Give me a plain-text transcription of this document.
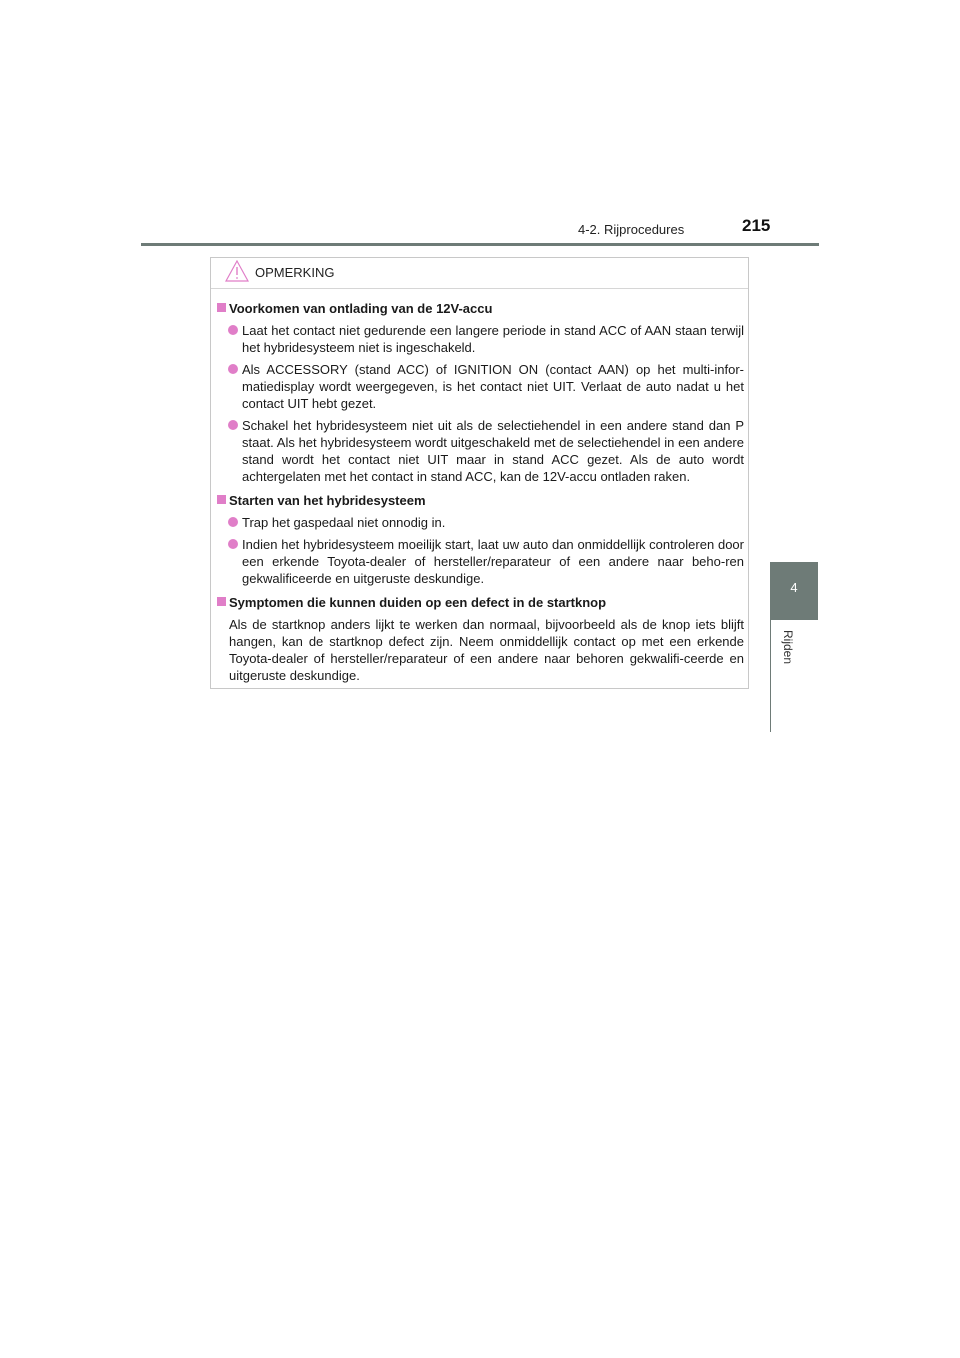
4-2. Rijprocedures	215
4
Rijden
OPMERKING
Voorkomen van ontlading van de 12V-accu
Laat het contact niet gedurende een langere periode in stand ACC of AAN staan terwijl het hybridesysteem niet is ingeschakeld.
Als ACCESSORY (stand ACC) of IGNITION ON (contact AAN) op het multi-infor-matiedisplay wordt weergegeven, is het contact niet UIT. Verlaat de auto nadat u het contact UIT hebt gezet.
Schakel het hybridesysteem niet uit als de selectiehendel in een andere stand dan P staat. Als het hybridesysteem wordt uitgeschakeld met de selectiehendel in een andere stand wordt het contact niet UIT maar in stand ACC gezet. Als de auto wordt achtergelaten met het contact in stand ACC, kan de 12V-accu ontladen raken.
Starten van het hybridesysteem
Trap het gaspedaal niet onnodig in.
Indien het hybridesysteem moeilijk start, laat uw auto dan onmiddellijk controleren door een erkende Toyota-dealer of hersteller/reparateur of een andere naar beho-ren gekwalificeerde en uitgeruste deskundige.
Symptomen die kunnen duiden op een defect in de startknop
Als de startknop anders lijkt te werken dan normaal, bijvoorbeeld als de knop iets blijft hangen, kan de startknop defect zijn. Neem onmiddellijk contact op met een erkende Toyota-dealer of hersteller/reparateur of een andere naar behoren gekwalifi-ceerde en uitgeruste deskundige.
